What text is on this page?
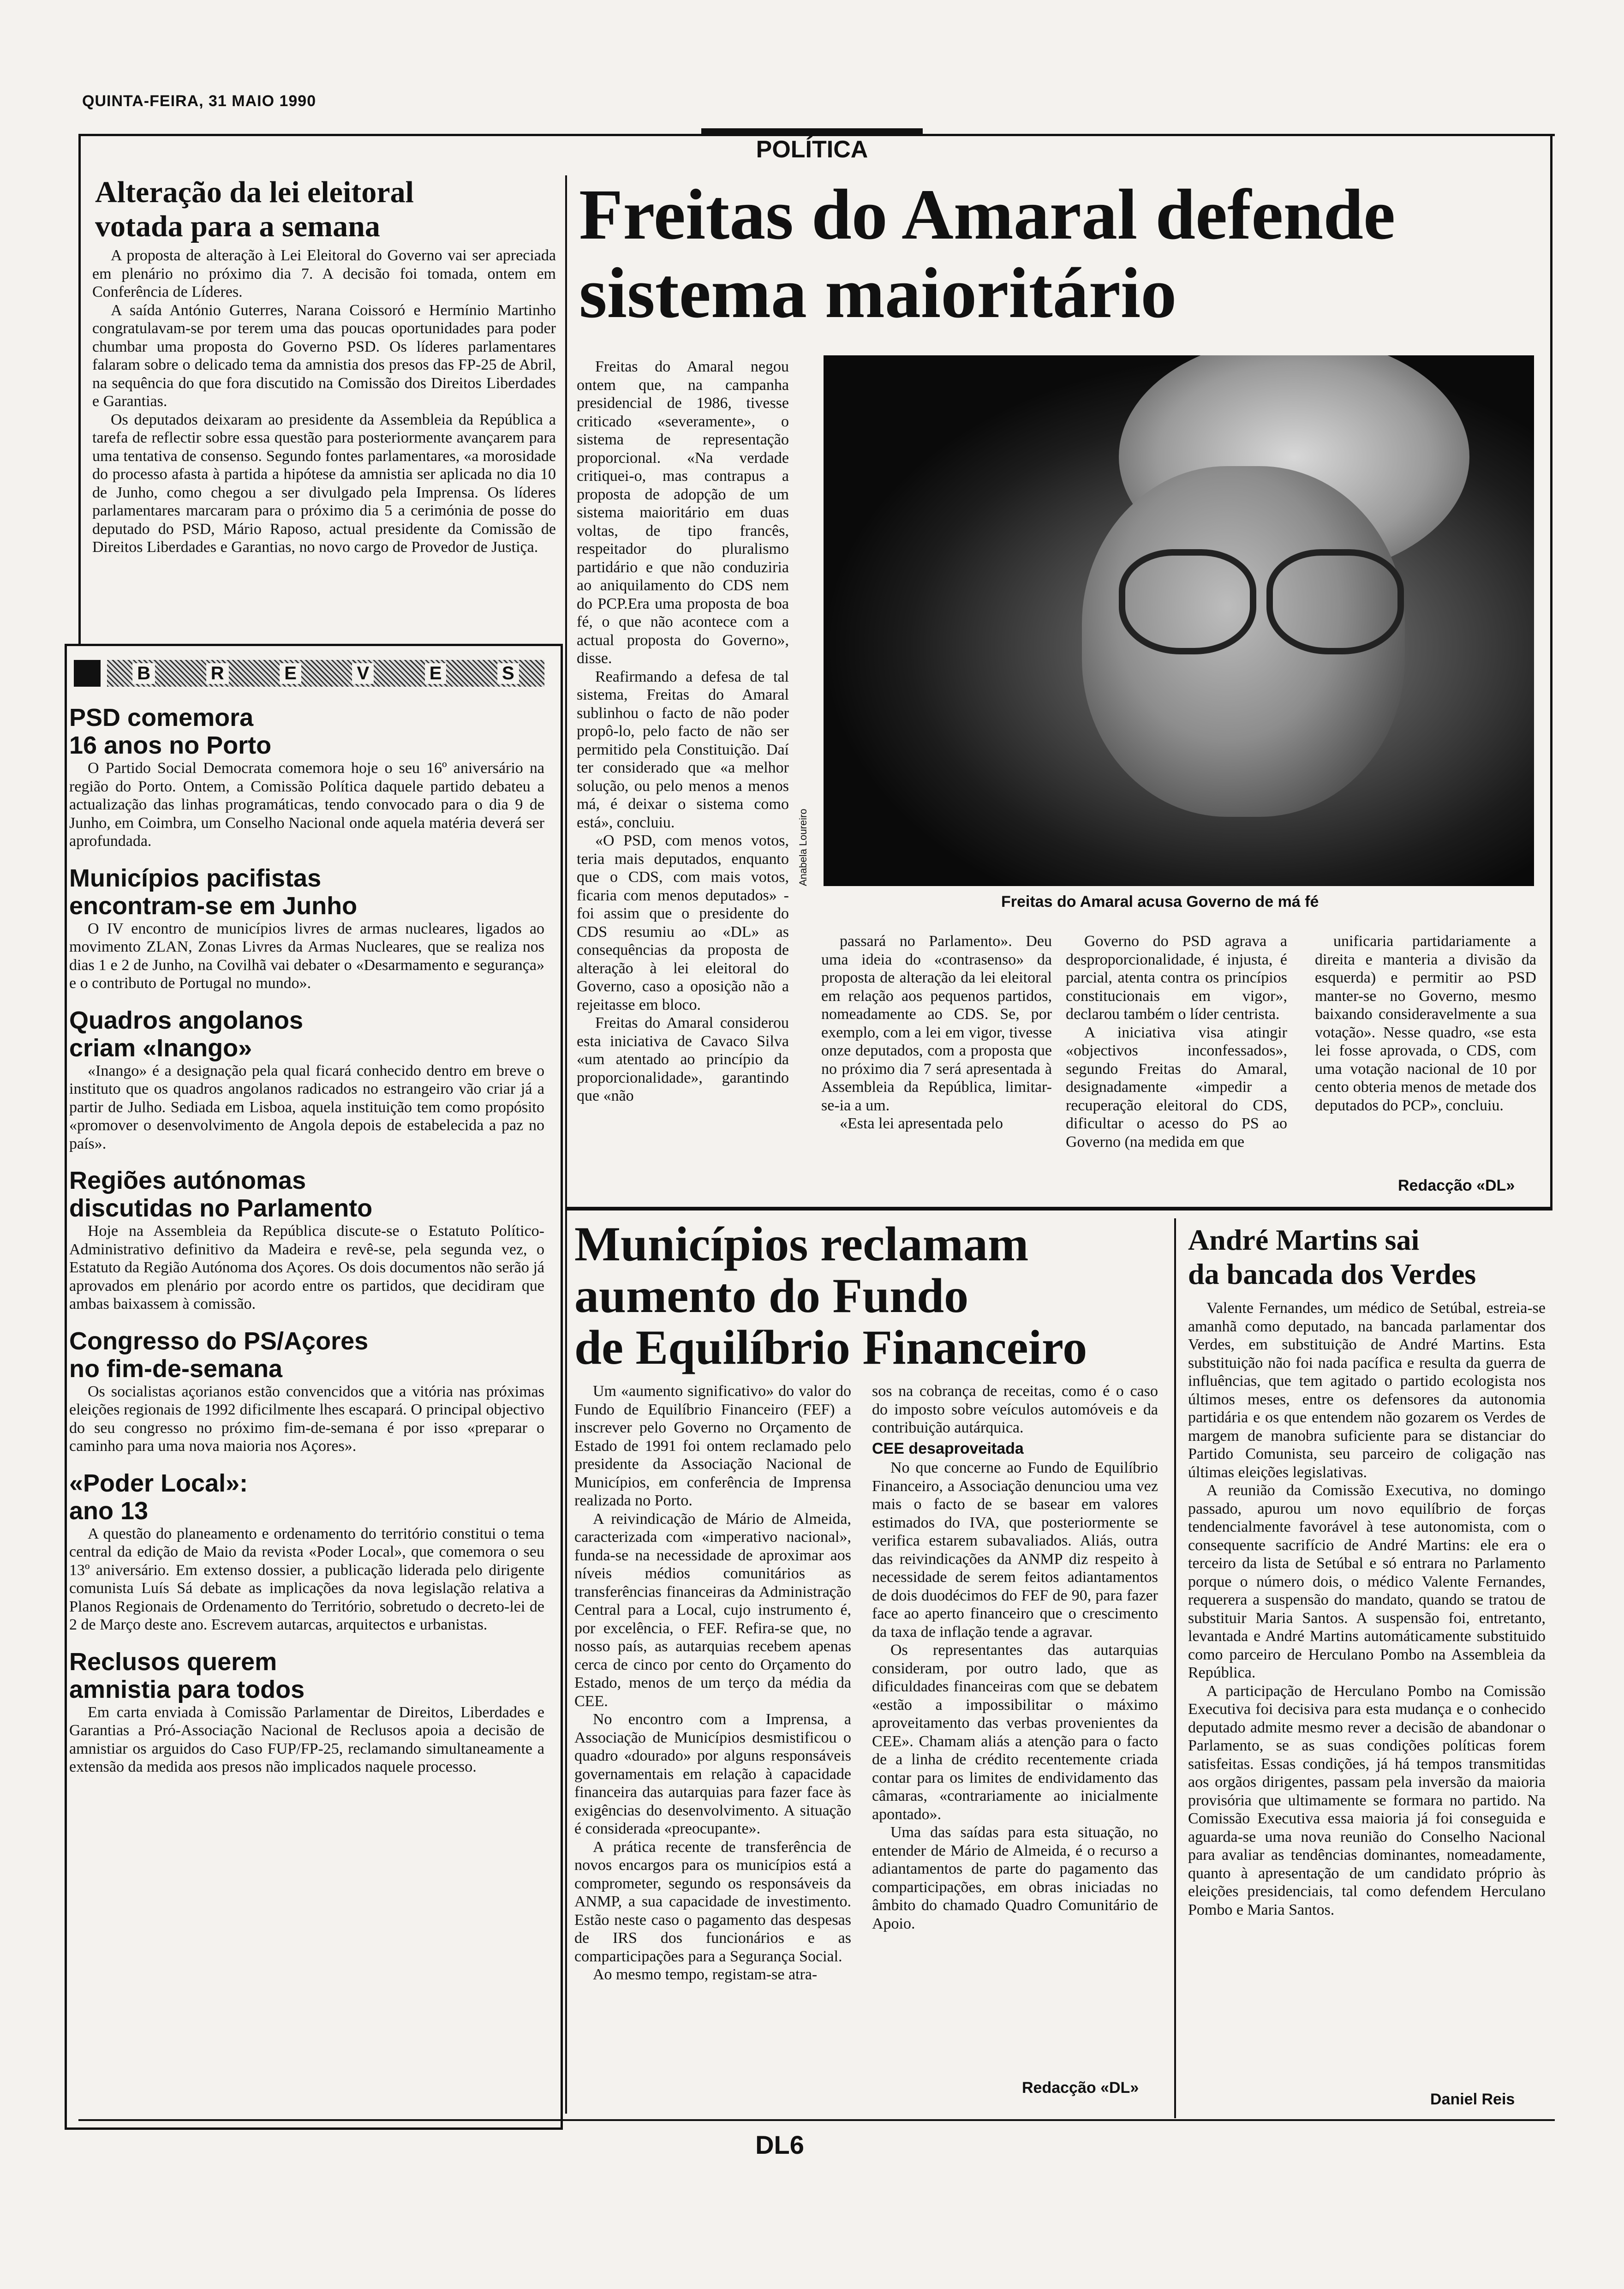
QUINTA-FEIRA, 31 MAIO 1990
POLÍTICA
Alteração da lei eleitoral
votada para a semana

A proposta de alteração à Lei Eleitoral do Governo vai ser apreciada em plenário no próximo dia 7. A decisão foi tomada, ontem em Conferência de Líderes.

A saída António Guterres, Narana Coissoró e Hermínio Martinho congratulavam-se por terem uma das poucas oportunidades para poder chumbar uma proposta do Governo PSD. Os líderes parlamentares falaram sobre o delicado tema da amnistia dos presos das FP-25 de Abril, na sequência do que fora discutido na Comissão dos Direitos Liberdades e Garantias.

Os deputados deixaram ao presidente da Assembleia da República a tarefa de reflectir sobre essa questão para posteriormente avançarem para uma tentativa de consenso. Segundo fontes parlamentares, «a morosidade do processo afasta à partida a hipótese da amnistia ser aplicada no dia 10 de Junho, como chegou a ser divulgado pela Imprensa. Os líderes parlamentares marcaram para o próximo dia 5 a cerimónia de posse do deputado do PSD, Mário Raposo, actual presidente da Comissão de Direitos Liberdades e Garantias, no novo cargo de Provedor de Justiça.

B	R	E	V	E	S
PSD comemora
16 anos no Porto

O Partido Social Democrata comemora hoje o seu 16º aniversário na região do Porto. Ontem, a Comissão Política daquele partido debateu a actualização das linhas programáticas, tendo convocado para o dia 9 de Junho, em Coimbra, um Conselho Nacional onde aquela matéria deverá ser aprofundada.

Municípios pacifistas
encontram-se em Junho

O IV encontro de municípios livres de armas nucleares, ligados ao movimento ZLAN, Zonas Livres da Armas Nucleares, que se realiza nos dias 1 e 2 de Junho, na Covilhã vai debater o «Desarmamento e segurança» e o contributo de Portugal no mundo».

Quadros angolanos
criam «Inango»

«Inango» é a designação pela qual ficará conhecido dentro em breve o instituto que os quadros angolanos radicados no estrangeiro vão criar já a partir de Julho. Sediada em Lisboa, aquela instituição tem como propósito «promover o desenvolvimento de Angola depois de estabelecida a paz no país».

Regiões autónomas
discutidas no Parlamento

Hoje na Assembleia da República discute-se o Estatuto Político-Administrativo definitivo da Madeira e revê-se, pela segunda vez, o Estatuto da Região Autónoma dos Açores. Os dois documentos não serão já aprovados em plenário por acordo entre os partidos, que decidiram que ambas baixassem à comissão.

Congresso do PS/Açores
no fim-de-semana

Os socialistas açorianos estão convencidos que a vitória nas próximas eleições regionais de 1992 dificilmente lhes escapará. O principal objectivo do seu congresso no próximo fim-de-semana é por isso «preparar o caminho para uma nova maioria nos Açores».

«Poder Local»:
ano 13

A questão do planeamento e ordenamento do território constitui o tema central da edição de Maio da revista «Poder Local», que comemora o seu 13º aniversário. Em extenso dossier, a publicação liderada pelo dirigente comunista Luís Sá debate as implicações da nova legislação relativa a Planos Regionais de Ordenamento do Território, sobretudo o decreto-lei de 2 de Março deste ano. Escrevem autarcas, arquitectos e urbanistas.

Reclusos querem
amnistia para todos

Em carta enviada à Comissão Parlamentar de Direitos, Liberdades e Garantias a Pró-Associação Nacional de Reclusos apoia a decisão de amnistiar os arguidos do Caso FUP/FP-25, reclamando simultaneamente a extensão da medida aos presos não implicados naquele processo.

Freitas do Amaral defende
sistema maioritário
Anabela Loureiro
Freitas do Amaral acusa Governo de má fé

Freitas do Amaral negou ontem que, na campanha presidencial de 1986, tivesse criticado «severamente», o sistema de representação proporcional. «Na verdade critiquei-o, mas contrapus a proposta de adopção de um sistema maioritário em duas voltas, de tipo francês, respeitador do pluralismo partidário e que não conduziria ao aniquilamento do CDS nem do PCP.Era uma proposta de boa fé, o que não acontece com a actual proposta do Governo», disse.

Reafirmando a defesa de tal sistema, Freitas do Amaral sublinhou o facto de não poder propô-lo, pelo facto de não ser permitido pela Constituição. Daí ter considerado que «a melhor solução, ou pelo menos a menos má, é deixar o sistema como está», concluiu.

«O PSD, com menos votos, teria mais deputados, enquanto que o CDS, com mais votos, ficaria com menos deputados» - foi assim que o presidente do CDS resumiu ao «DL» as consequências da proposta de alteração à lei eleitoral do Governo, caso a oposição não a rejeitasse em bloco.

Freitas do Amaral considerou esta iniciativa de Cavaco Silva «um atentado ao princípio da proporcionalidade», garantindo que «não

passará no Parlamento». Deu uma ideia do «contrasenso» da proposta de alteração da lei eleitoral em relação aos pequenos partidos, nomeadamente ao CDS. Se, por exemplo, com a lei em vigor, tivesse onze deputados, com a proposta que no próximo dia 7 será apresentada à Assembleia da República, limitar-se-ia a um.

«Esta lei apresentada pelo

Governo do PSD agrava a desproporcionalidade, é injusta, é parcial, atenta contra os princípios constitucionais em vigor», declarou também o líder centrista.

A iniciativa visa atingir «objectivos inconfessados», segundo Freitas do Amaral, designadamente «impedir a recuperação eleitoral do CDS, dificultar o acesso do PS ao Governo (na medida em que

unificaria partidariamente a direita e manteria a divisão da esquerda) e permitir ao PSD manter-se no Governo, mesmo baixando consideravelmente a sua votação». Nesse quadro, «se esta lei fosse aprovada, o CDS, com uma votação nacional de 10 por cento obteria menos de metade dos deputados do PCP», concluiu.

Redacção «DL»
Municípios reclamam
aumento do Fundo
de Equilíbrio Financeiro

Um «aumento significativo» do valor do Fundo de Equilíbrio Financeiro (FEF) a inscrever pelo Governo no Orçamento de Estado de 1991 foi ontem reclamado pelo presidente da Associação Nacional de Municípios, em conferência de Imprensa realizada no Porto.

A reivindicação de Mário de Almeida, caracterizada com «imperativo nacional», funda-se na necessidade de aproximar aos níveis médios comunitários as transferências financeiras da Administração Central para a Local, cujo instrumento é, por excelência, o FEF. Refira-se que, no nosso país, as autarquias recebem apenas cerca de cinco por cento do Orçamento do Estado, menos de um terço da média da CEE.

No encontro com a Imprensa, a Associação de Municípios desmistificou o quadro «dourado» por alguns responsáveis governamentais em relação à capacidade financeira das autarquias para fazer face às exigências do desenvolvimento. A situação é considerada «preocupante».

A prática recente de transferência de novos encargos para os municípios está a comprometer, segundo os responsáveis da ANMP, a sua capacidade de investimento. Estão neste caso o pagamento das despesas de IRS dos funcionários e as comparticipações para a Segurança Social.

Ao mesmo tempo, registam-se atra-

sos na cobrança de receitas, como é o caso do imposto sobre veículos automóveis e da contribuição autárquica.

CEE desaproveitada

No que concerne ao Fundo de Equilíbrio Financeiro, a Associação denunciou uma vez mais o facto de se basear em valores estimados do IVA, que posteriormente se verifica estarem subavaliados. Aliás, outra das reivindicações da ANMP diz respeito à necessidade de serem feitos adiantamentos de dois duodécimos do FEF de 90, para fazer face ao aperto financeiro que o crescimento da taxa de inflação tende a agravar.

Os representantes das autarquias consideram, por outro lado, que as dificuldades financeiras com que se debatem «estão a impossibilitar o máximo aproveitamento das verbas provenientes da CEE». Chamam aliás a atenção para o facto de a linha de crédito recentemente criada contar para os limites de endividamento das câmaras, «contrariamente ao inicialmente apontado».

Uma das saídas para esta situação, no entender de Mário de Almeida, é o recurso a adiantamentos de parte do pagamento das comparticipações, em obras iniciadas no âmbito do chamado Quadro Comunitário de Apoio.

Redacção «DL»
André Martins sai
da bancada dos Verdes

Valente Fernandes, um médico de Setúbal, estreia-se amanhã como deputado, na bancada parlamentar dos Verdes, em substituição de André Martins. Esta substituição não foi nada pacífica e resulta da guerra de influências, que tem agitado o partido ecologista nos últimos meses, entre os defensores da autonomia partidária e os que entendem não gozarem os Verdes de margem de manobra suficiente para se distanciar do Partido Comunista, seu parceiro de coligação nas últimas eleições legislativas.

A reunião da Comissão Executiva, no domingo passado, apurou um novo equilíbrio de forças tendencialmente favorável à tese autonomista, com o consequente sacrifício de André Martins: ele era o terceiro da lista de Setúbal e só entrara no Parlamento porque o número dois, o médico Valente Fernandes, requerera a suspensão do mandato, quando se tratou de substituir Maria Santos. A suspensão foi, entretanto, levantada e André Martins automáticamente substituido como parceiro de Herculano Pombo na Assembleia da República.

A participação de Herculano Pombo na Comissão Executiva foi decisiva para esta mudança e o conhecido deputado admite mesmo rever a decisão de abandonar o Parlamento, se as suas condições políticas forem satisfeitas. Essas condições, já há tempos transmitidas aos orgãos dirigentes, passam pela inversão da maioria provisória que ultimamente se formara no partido. Na Comissão Executiva essa maioria já foi conseguida e aguarda-se uma nova reunião do Conselho Nacional para avaliar as tendências dominantes, nomeadamente, quanto à apresentação de um candidato próprio às eleições presidenciais, tal como defendem Herculano Pombo e Maria Santos.

Daniel Reis
DL6
